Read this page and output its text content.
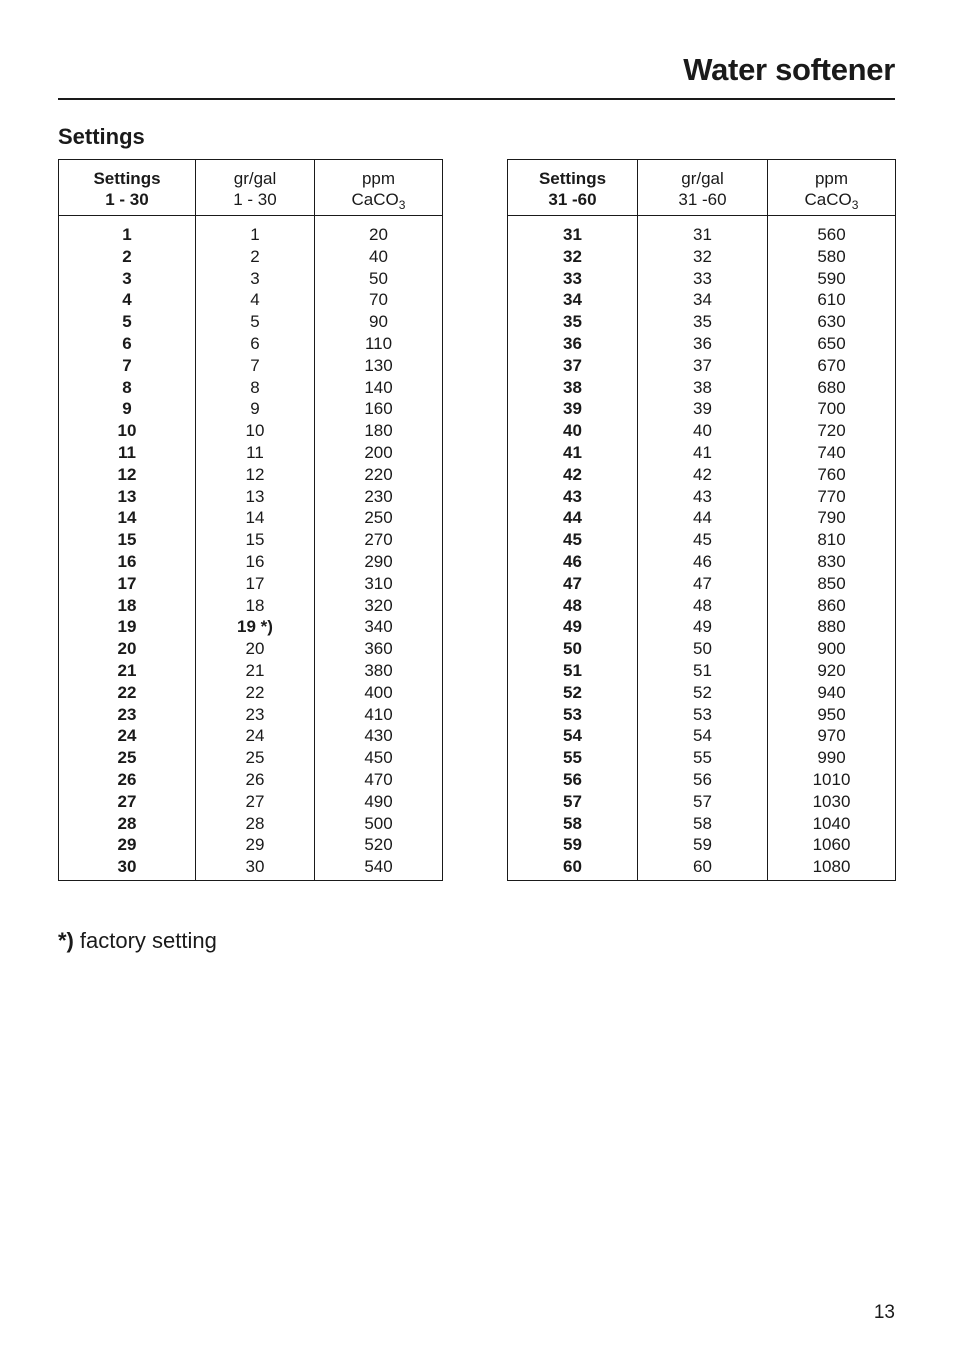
Water softener
Settings
Settings
1 - 30
gr/gal
1 - 30
ppm
CaCO$_3$
1
2
3
4
5
6
7
8
9
10
11
12
13
14
15
16
17
18
19
20
21
22
23
24
25
26
27
28
29
30
1
2
3
4
5
6
7
8
9
10
11
12
13
14
15
16
17
18
19 *)
20
21
22
23
24
25
26
27
28
29
30
20
40
50
70
90
110
130
140
160
180
200
220
230
250
270
290
310
320
340
360
380
400
410
430
450
470
490
500
520
540
Settings
31 -60
gr/gal
31 -60
ppm
CaCO$_3$
31
32
33
34
35
36
37
38
39
40
41
42
43
44
45
46
47
48
49
50
51
52
53
54
55
56
57
58
59
60
31
32
33
34
35
36
37
38
39
40
41
42
43
44
45
46
47
48
49
50
51
52
53
54
55
56
57
58
59
60
560
580
590
610
630
650
670
680
700
720
740
760
770
790
810
830
850
860
880
900
920
940
950
970
990
1010
1030
1040
1060
1080
*) factory setting
13
